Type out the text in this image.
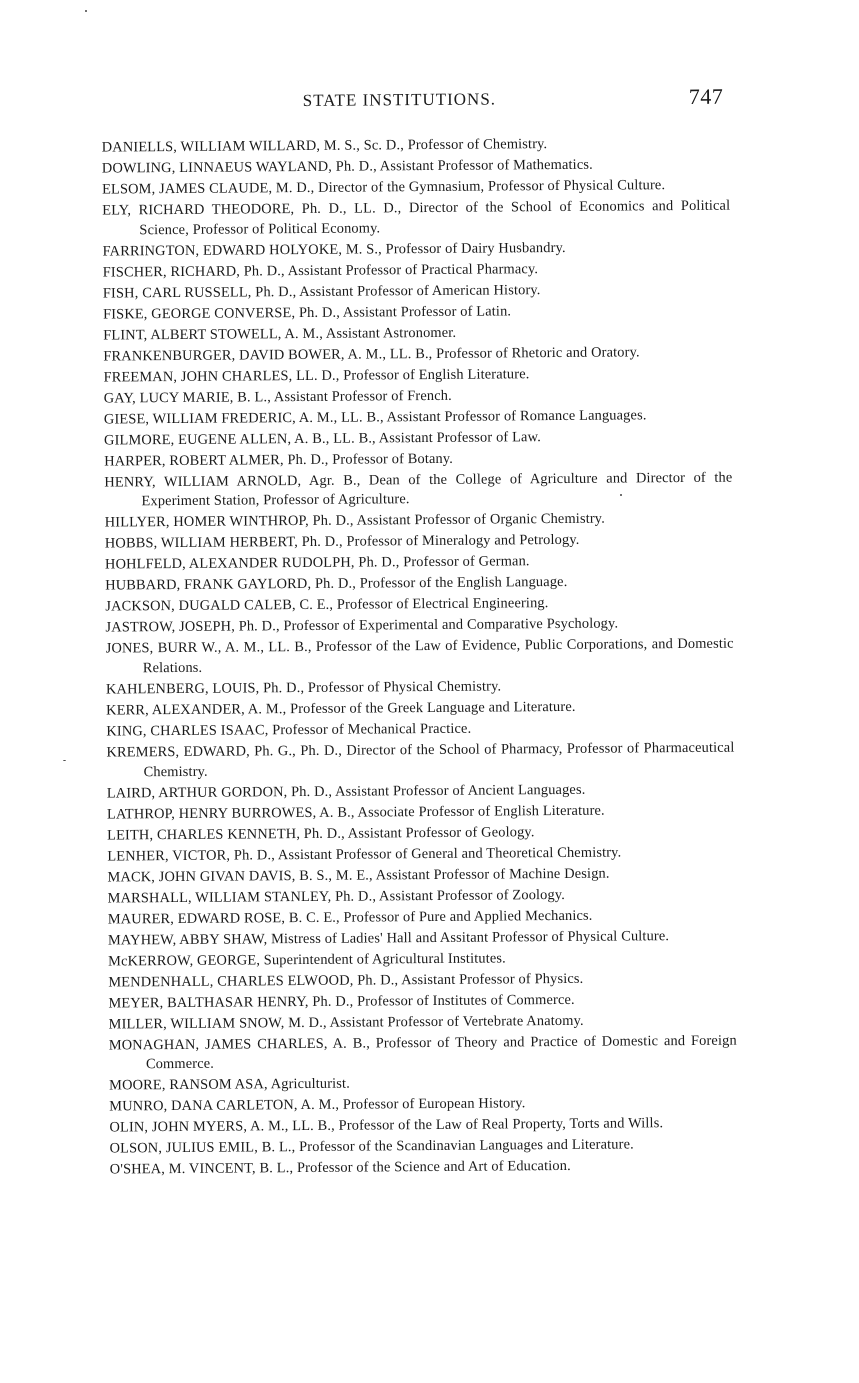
STATE INSTITUTIONS.	747
DANIELLS, WILLIAM WILLARD, M. S., Sc. D., Professor of Chemistry.
DOWLING, LINNAEUS WAYLAND, Ph. D., Assistant Professor of Mathematics.
ELSOM, JAMES CLAUDE, M. D., Director of the Gymnasium, Professor of Physical Culture.
ELY, RICHARD THEODORE, Ph. D., LL. D., Director of the School of Economics and Political Science, Professor of Political Economy.
FARRINGTON, EDWARD HOLYOKE, M. S., Professor of Dairy Husbandry.
FISCHER, RICHARD, Ph. D., Assistant Professor of Practical Pharmacy.
FISH, CARL RUSSELL, Ph. D., Assistant Professor of American History.
FISKE, GEORGE CONVERSE, Ph. D., Assistant Professor of Latin.
FLINT, ALBERT STOWELL, A. M., Assistant Astronomer.
FRANKENBURGER, DAVID BOWER, A. M., LL. B., Professor of Rhetoric and Oratory.
FREEMAN, JOHN CHARLES, LL. D., Professor of English Literature.
GAY, LUCY MARIE, B. L., Assistant Professor of French.
GIESE, WILLIAM FREDERIC, A. M., LL. B., Assistant Professor of Romance Languages.
GILMORE, EUGENE ALLEN, A. B., LL. B., Assistant Professor of Law.
HARPER, ROBERT ALMER, Ph. D., Professor of Botany.
HENRY, WILLIAM ARNOLD, Agr. B., Dean of the College of Agriculture and Director of the Experiment Station, Professor of Agriculture.
HILLYER, HOMER WINTHROP, Ph. D., Assistant Professor of Organic Chemistry.
HOBBS, WILLIAM HERBERT, Ph. D., Professor of Mineralogy and Petrology.
HOHLFELD, ALEXANDER RUDOLPH, Ph. D., Professor of German.
HUBBARD, FRANK GAYLORD, Ph. D., Professor of the English Language.
JACKSON, DUGALD CALEB, C. E., Professor of Electrical Engineering.
JASTROW, JOSEPH, Ph. D., Professor of Experimental and Comparative Psychology.
JONES, BURR W., A. M., LL. B., Professor of the Law of Evidence, Public Corporations, and Domestic Relations.
KAHLENBERG, LOUIS, Ph. D., Professor of Physical Chemistry.
KERR, ALEXANDER, A. M., Professor of the Greek Language and Literature.
KING, CHARLES ISAAC, Professor of Mechanical Practice.
KREMERS, EDWARD, Ph. G., Ph. D., Director of the School of Pharmacy, Professor of Pharmaceutical Chemistry.
LAIRD, ARTHUR GORDON, Ph. D., Assistant Professor of Ancient Languages.
LATHROP, HENRY BURROWES, A. B., Associate Professor of English Literature.
LEITH, CHARLES KENNETH, Ph. D., Assistant Professor of Geology.
LENHER, VICTOR, Ph. D., Assistant Professor of General and Theoretical Chemistry.
MACK, JOHN GIVAN DAVIS, B. S., M. E., Assistant Professor of Machine Design.
MARSHALL, WILLIAM STANLEY, Ph. D., Assistant Professor of Zoology.
MAURER, EDWARD ROSE, B. C. E., Professor of Pure and Applied Mechanics.
MAYHEW, ABBY SHAW, Mistress of Ladies' Hall and Assitant Professor of Physical Culture.
McKERROW, GEORGE, Superintendent of Agricultural Institutes.
MENDENHALL, CHARLES ELWOOD, Ph. D., Assistant Professor of Physics.
MEYER, BALTHASAR HENRY, Ph. D., Professor of Institutes of Commerce.
MILLER, WILLIAM SNOW, M. D., Assistant Professor of Vertebrate Anatomy.
MONAGHAN, JAMES CHARLES, A. B., Professor of Theory and Practice of Domestic and Foreign Commerce.
MOORE, RANSOM ASA, Agriculturist.
MUNRO, DANA CARLETON, A. M., Professor of European History.
OLIN, JOHN MYERS, A. M., LL. B., Professor of the Law of Real Property, Torts and Wills.
OLSON, JULIUS EMIL, B. L., Professor of the Scandinavian Languages and Literature.
O'SHEA, M. VINCENT, B. L., Professor of the Science and Art of Education.
